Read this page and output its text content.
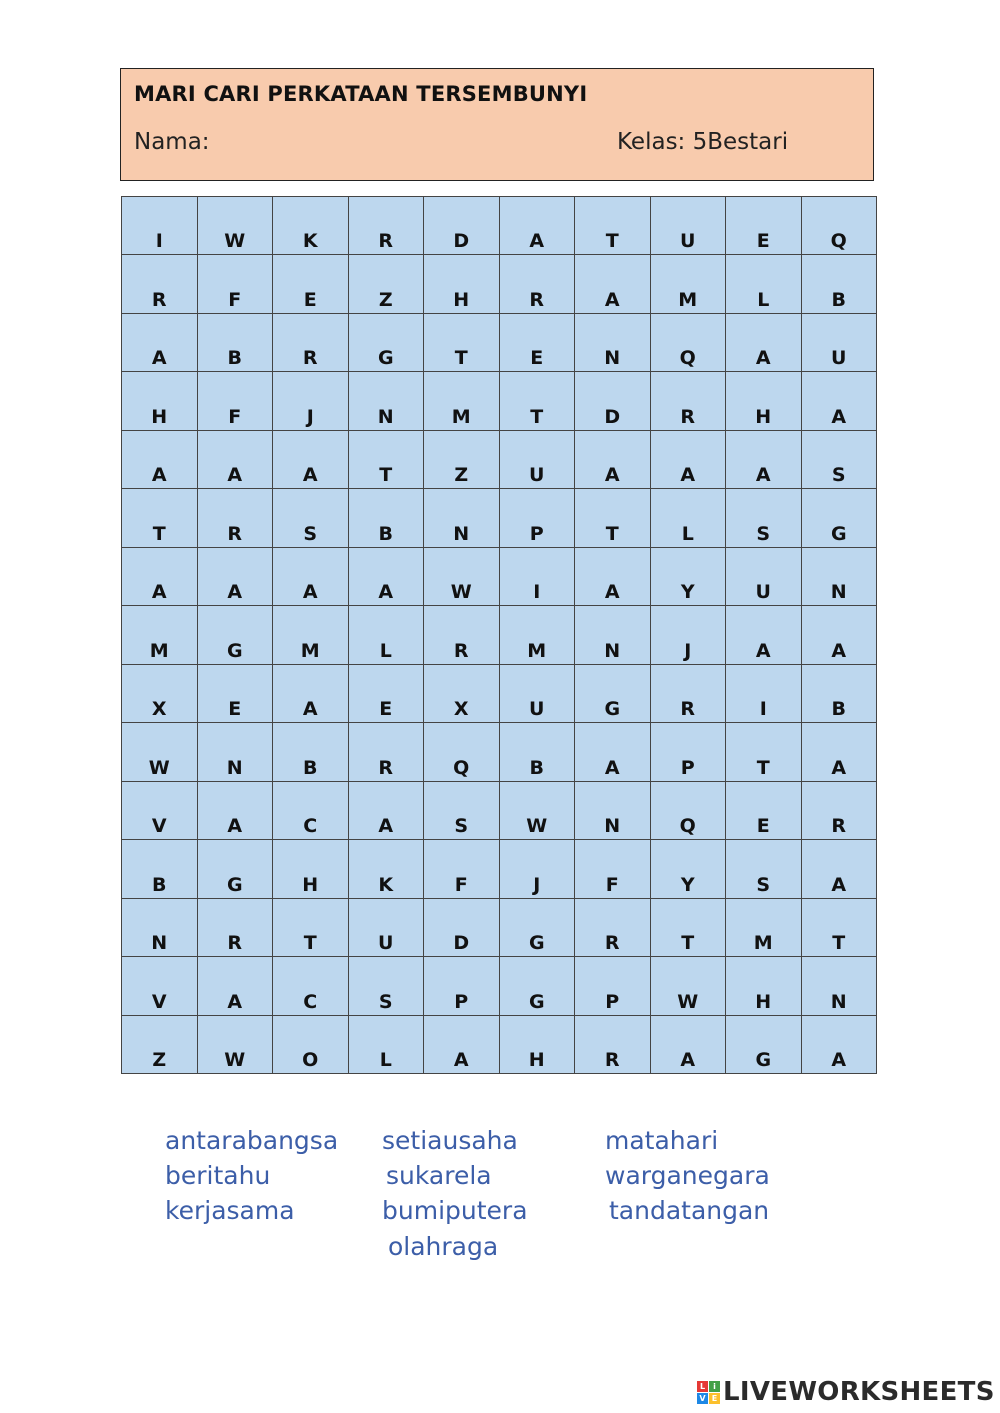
MARI CARI PERKATAAN TERSEMBUNYI
Nama:	Kelas: 5Bestari
I	W	K	R	D	A	T	U	E	Q
R	F	E	Z	H	R	A	M	L	B
A	B	R	G	T	E	N	Q	A	U
H	F	J	N	M	T	D	R	H	A
A	A	A	T	Z	U	A	A	A	S
T	R	S	B	N	P	T	L	S	G
A	A	A	A	W	I	A	Y	U	N
M	G	M	L	R	M	N	J	A	A
X	E	A	E	X	U	G	R	I	B
W	N	B	R	Q	B	A	P	T	A
V	A	C	A	S	W	N	Q	E	R
B	G	H	K	F	J	F	Y	S	A
N	R	T	U	D	G	R	T	M	T
V	A	C	S	P	G	P	W	H	N
Z	W	O	L	A	H	R	A	G	A
antarabangsa setiausaha	matahari
beritahu	sukarela	warganegara
kerjasama	bumiputera	tandatangan
olahraga
L	i
V E LIVEWORKSHEETS
